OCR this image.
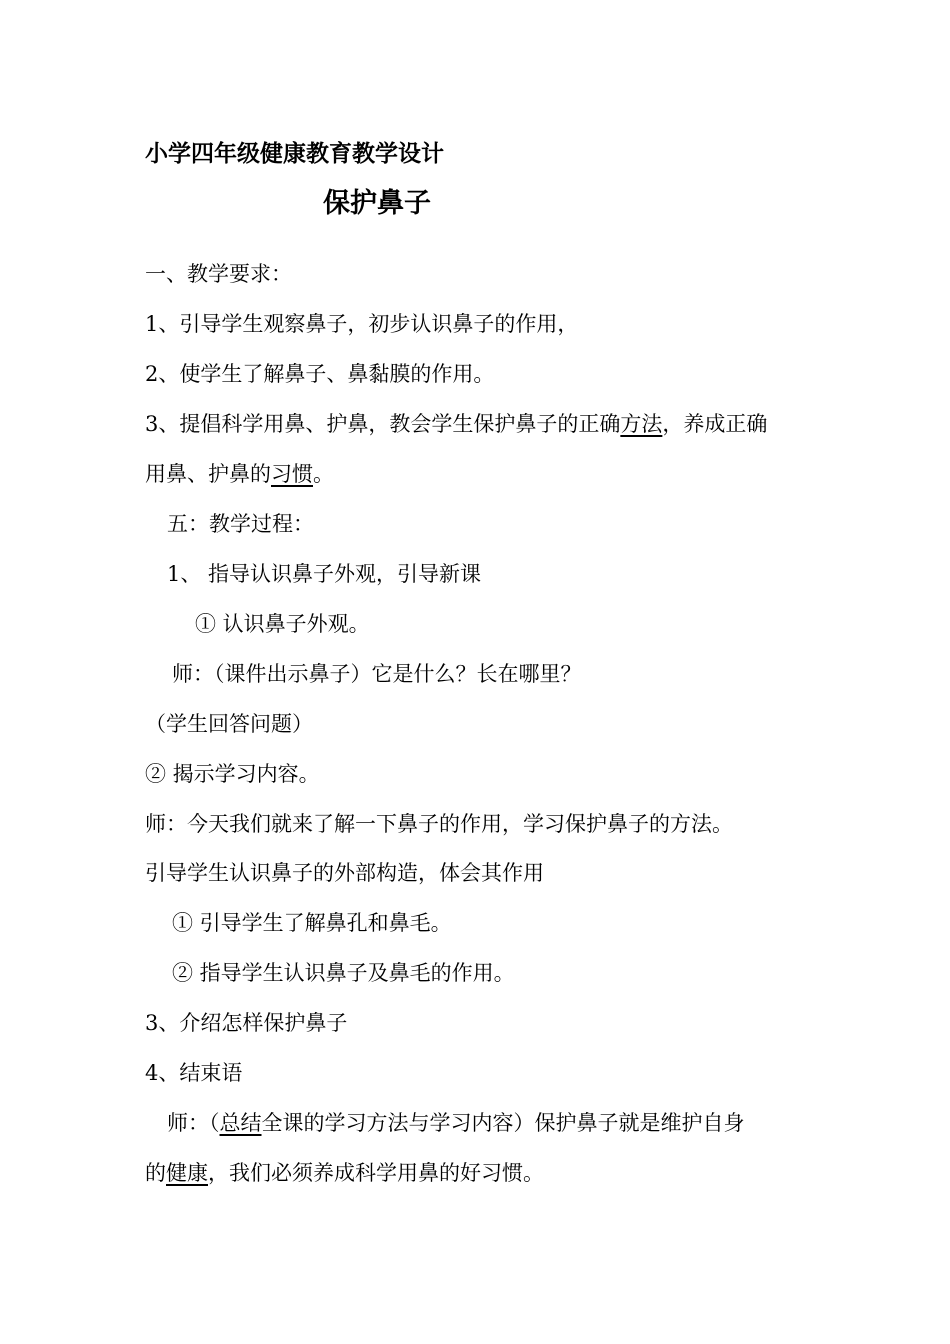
小学四年级健康教育教学设计
保护鼻子
一、教学要求：
1、引导学生观察鼻子，初步认识鼻子的作用，
2、使学生了解鼻子、鼻黏膜的作用。
3、提倡科学用鼻、护鼻，教会学生保护鼻子的正确方法，养成正确
用鼻、护鼻的习惯。
五：教学过程：
1、 指导认识鼻子外观，引导新课
① 认识鼻子外观。
师：（课件出示鼻子）它是什么？长在哪里？
（学生回答问题）
② 揭示学习内容。
师：今天我们就来了解一下鼻子的作用，学习保护鼻子的方法。
引导学生认识鼻子的外部构造，体会其作用
① 引导学生了解鼻孔和鼻毛。
② 指导学生认识鼻子及鼻毛的作用。
3、介绍怎样保护鼻子
4、结束语
师：（总结全课的学习方法与学习内容）保护鼻子就是维护自身
的健康，我们必须养成科学用鼻的好习惯。
